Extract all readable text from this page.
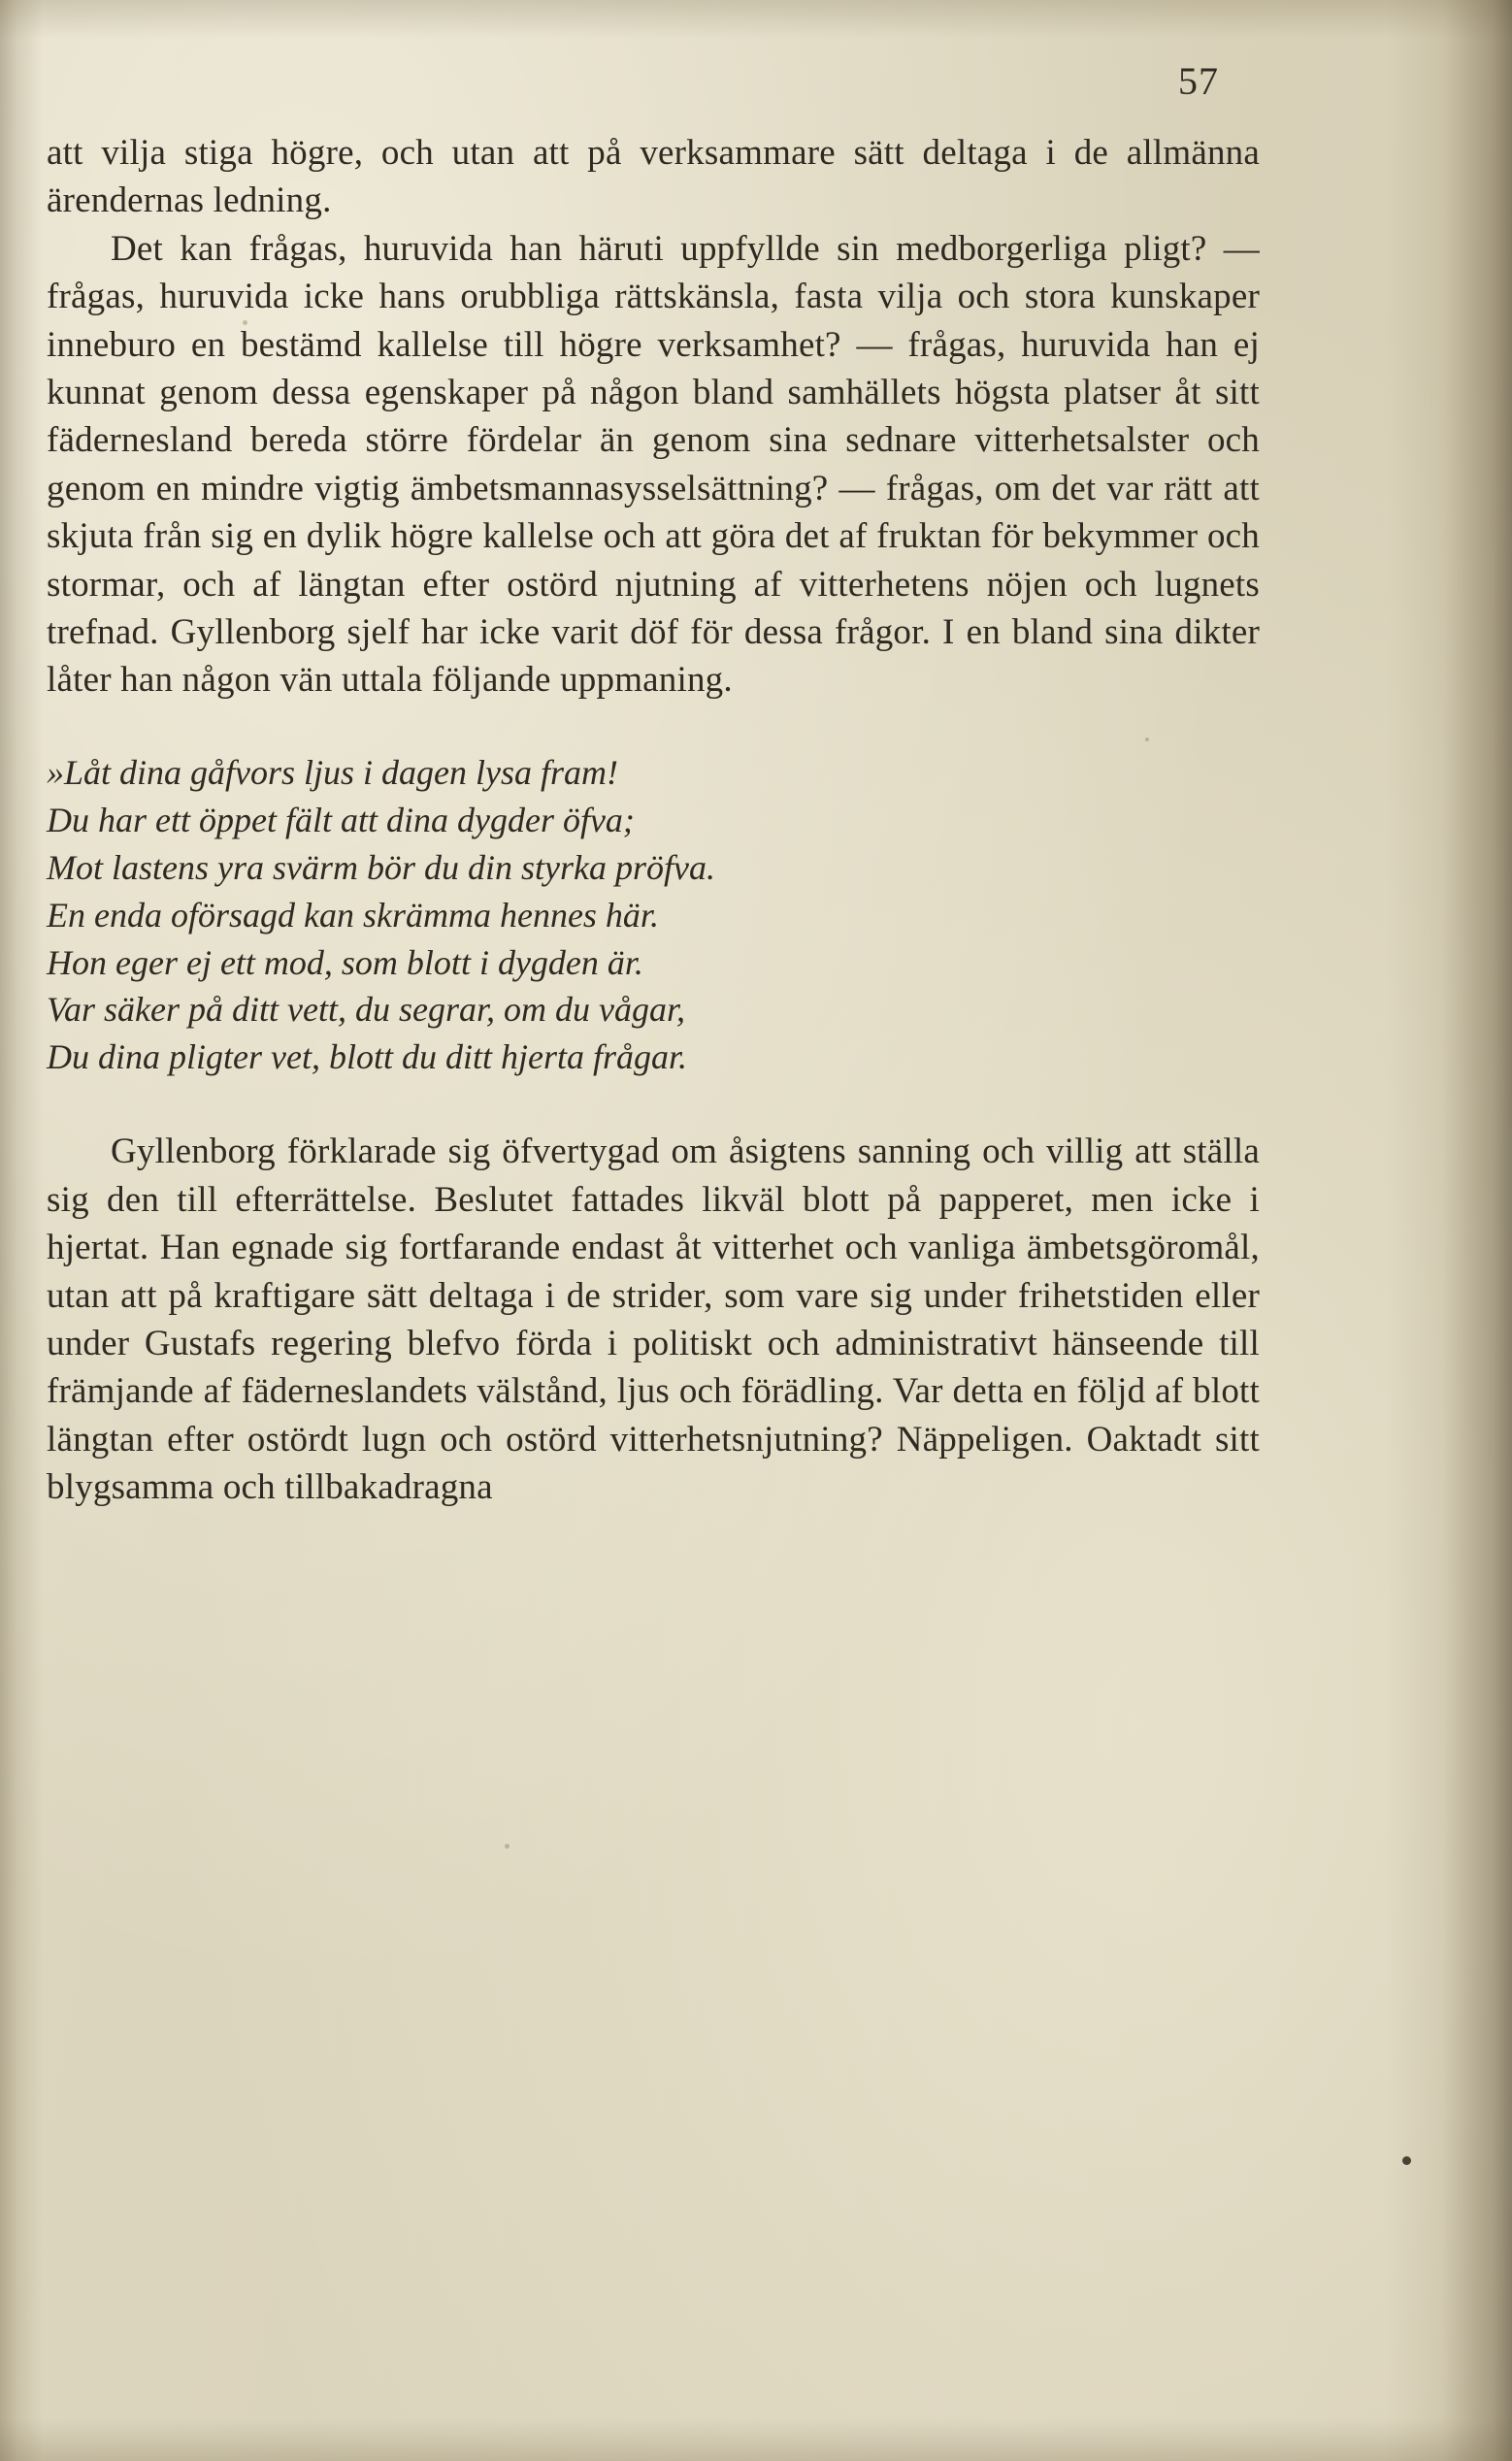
57

att vilja stiga högre, och utan att på verksammare sätt deltaga i de allmänna ärendernas ledning.

Det kan frågas, huruvida han häruti uppfyllde sin medborgerliga pligt? — frågas, huruvida icke hans orubbliga rättskänsla, fasta vilja och stora kunskaper inneburo en bestämd kallelse till högre verksamhet? — frågas, huruvida han ej kunnat genom dessa egenskaper på någon bland samhällets högsta platser åt sitt fädernesland bereda större fördelar än genom sina sednare vitterhetsalster och genom en mindre vigtig ämbetsmannasysselsättning? — frågas, om det var rätt att skjuta från sig en dylik högre kallelse och att göra det af fruktan för bekymmer och stormar, och af längtan efter ostörd njutning af vitterhetens nöjen och lugnets trefnad. Gyllenborg sjelf har icke varit döf för dessa frågor. I en bland sina dikter låter han någon vän uttala följande uppmaning.

»Låt dina gåfvors ljus i dagen lysa fram!
Du har ett öppet fält att dina dygder öfva;
Mot lastens yra svärm bör du din styrka pröfva.
En enda oförsagd kan skrämma hennes här.
Hon eger ej ett mod, som blott i dygden är.
Var säker på ditt vett, du segrar, om du vågar,
Du dina pligter vet, blott du ditt hjerta frågar.

Gyllenborg förklarade sig öfvertygad om åsigtens sanning och villig att ställa sig den till efterrättelse. Beslutet fattades likväl blott på papperet, men icke i hjertat. Han egnade sig fortfarande endast åt vitterhet och vanliga ämbetsgöromål, utan att på kraftigare sätt deltaga i de strider, som vare sig under frihetstiden eller under Gustafs regering blefvo förda i politiskt och administrativt hänseende till främjande af fäderneslandets välstånd, ljus och förädling. Var detta en följd af blott längtan efter ostördt lugn och ostörd vitterhetsnjutning? Näppeligen. Oaktadt sitt blygsamma och tillbakadragna
